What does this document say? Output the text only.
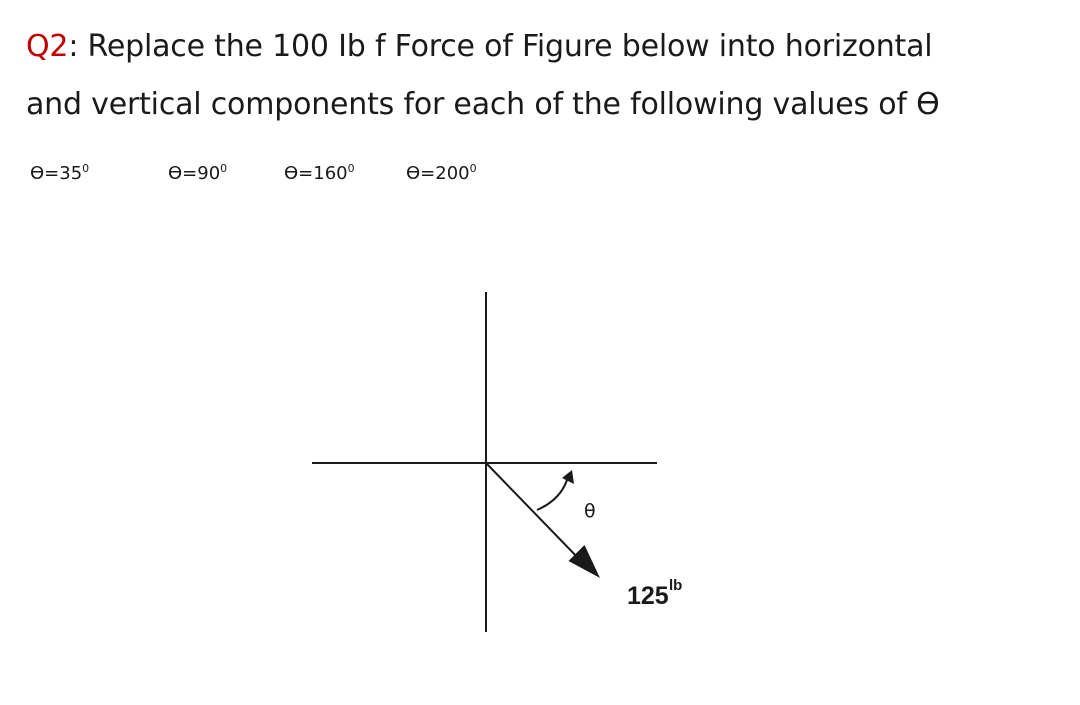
Q2: Replace the 100 Ib f Force of Figure below into horizontal
and vertical components for each of the following values of ϴ
$ϴ=35^0$	$ϴ=90^0$	$ϴ=160^0$	$ϴ=200^0$
θ
125 lb
